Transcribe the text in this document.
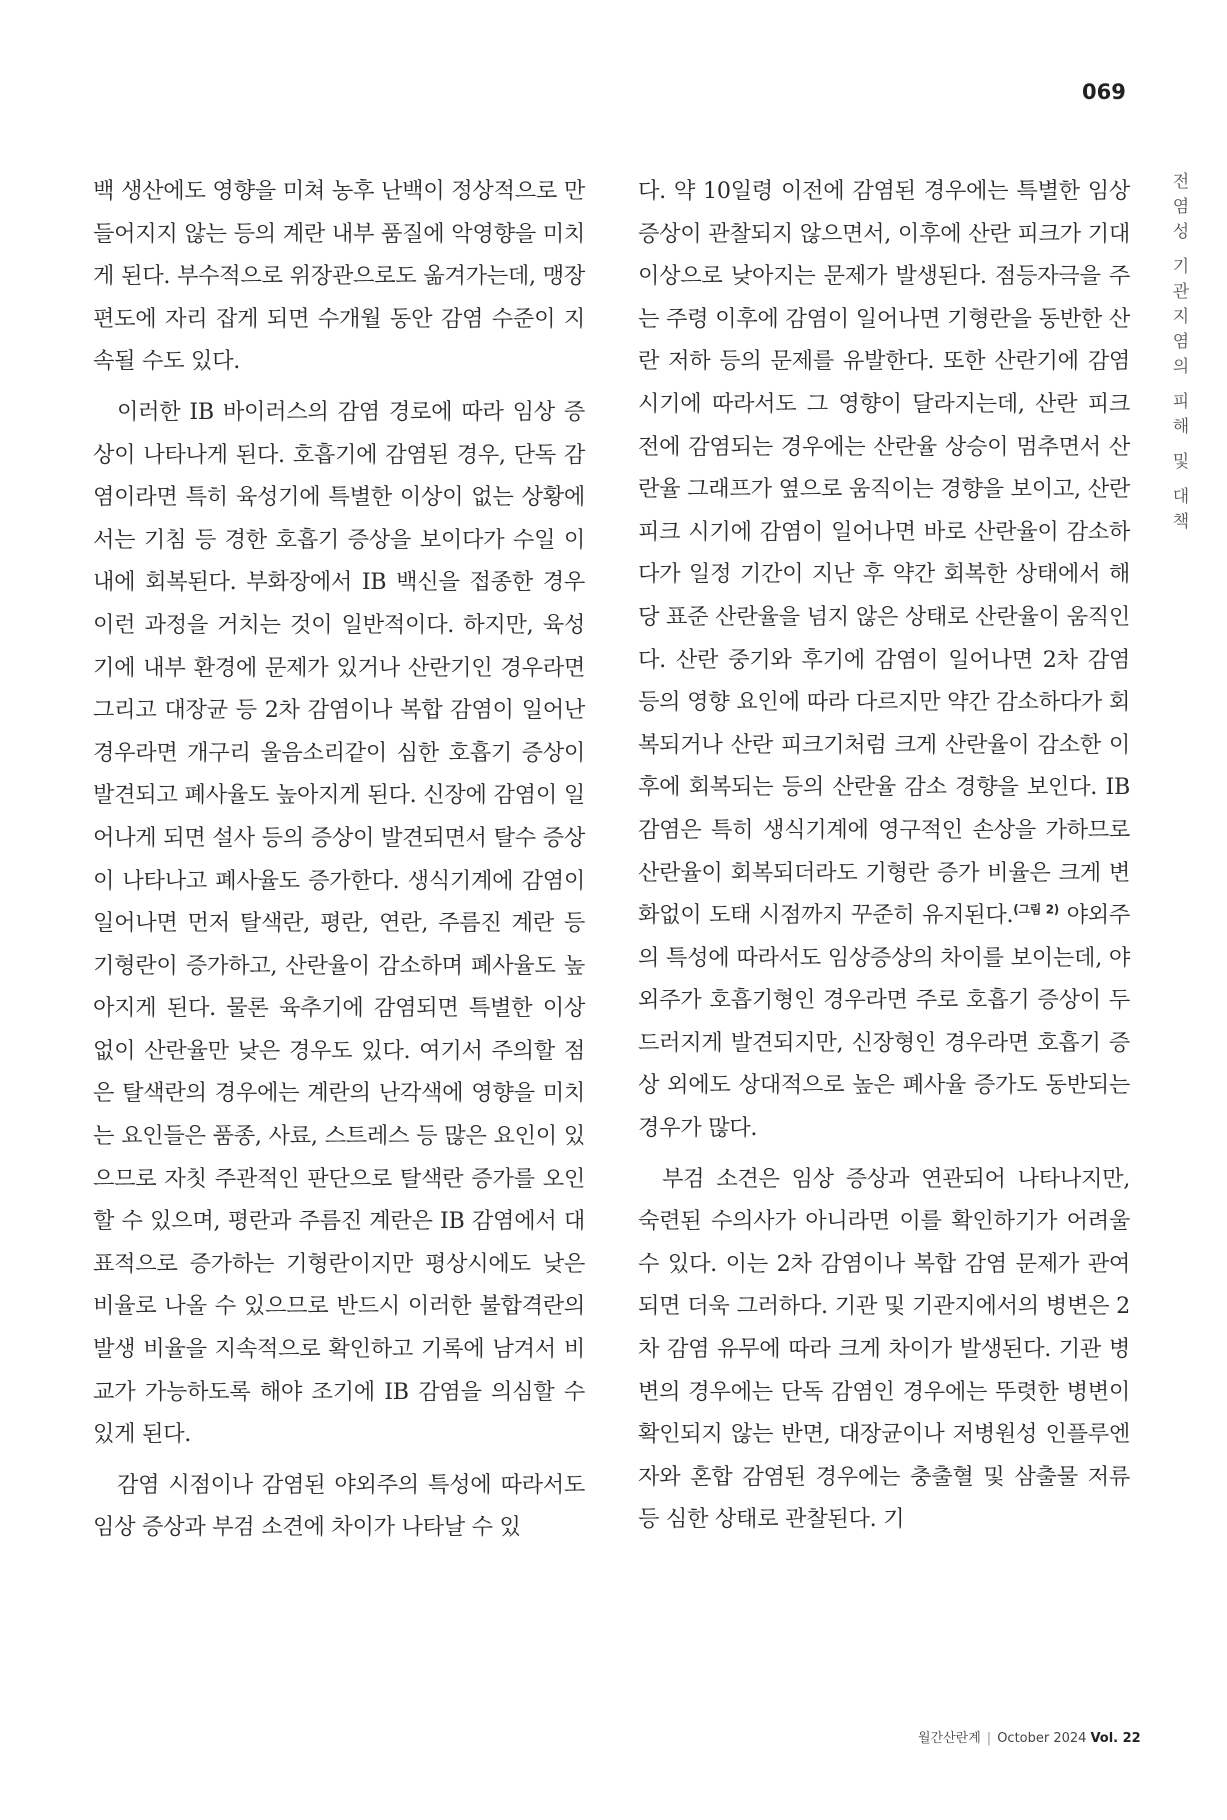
069

백 생산에도 영향을 미쳐 농후 난백이 정상적으로 만들어지지 않는 등의 계란 내부 품질에 악영향을 미치게 된다. 부수적으로 위장관으로도 옮겨가는데, 맹장 편도에 자리 잡게 되면 수개월 동안 감염 수준이 지속될 수도 있다.

이러한 IB 바이러스의 감염 경로에 따라 임상 증상이 나타나게 된다. 호흡기에 감염된 경우, 단독 감염이라면 특히 육성기에 특별한 이상이 없는 상황에서는 기침 등 경한 호흡기 증상을 보이다가 수일 이내에 회복된다. 부화장에서 IB 백신을 접종한 경우 이런 과정을 거치는 것이 일반적이다. 하지만, 육성기에 내부 환경에 문제가 있거나 산란기인 경우라면 그리고 대장균 등 2차 감염이나 복합 감염이 일어난 경우라면 개구리 울음소리같이 심한 호흡기 증상이 발견되고 폐사율도 높아지게 된다. 신장에 감염이 일어나게 되면 설사 등의 증상이 발견되면서 탈수 증상이 나타나고 폐사율도 증가한다. 생식기계에 감염이 일어나면 먼저 탈색란, 평란, 연란, 주름진 계란 등 기형란이 증가하고, 산란율이 감소하며 폐사율도 높아지게 된다. 물론 육추기에 감염되면 특별한 이상 없이 산란율만 낮은 경우도 있다. 여기서 주의할 점은 탈색란의 경우에는 계란의 난각색에 영향을 미치는 요인들은 품종, 사료, 스트레스 등 많은 요인이 있으므로 자칫 주관적인 판단으로 탈색란 증가를 오인할 수 있으며, 평란과 주름진 계란은 IB 감염에서 대표적으로 증가하는 기형란이지만 평상시에도 낮은 비율로 나올 수 있으므로 반드시 이러한 불합격란의 발생 비율을 지속적으로 확인하고 기록에 남겨서 비교가 가능하도록 해야 조기에 IB 감염을 의심할 수 있게 된다.

감염 시점이나 감염된 야외주의 특성에 따라서도 임상 증상과 부검 소견에 차이가 나타날 수 있

다. 약 10일령 이전에 감염된 경우에는 특별한 임상 증상이 관찰되지 않으면서, 이후에 산란 피크가 기대 이상으로 낮아지는 문제가 발생된다. 점등자극을 주는 주령 이후에 감염이 일어나면 기형란을 동반한 산란 저하 등의 문제를 유발한다. 또한 산란기에 감염 시기에 따라서도 그 영향이 달라지는데, 산란 피크 전에 감염되는 경우에는 산란율 상승이 멈추면서 산란율 그래프가 옆으로 움직이는 경향을 보이고, 산란 피크 시기에 감염이 일어나면 바로 산란율이 감소하다가 일정 기간이 지난 후 약간 회복한 상태에서 해당 표준 산란율을 넘지 않은 상태로 산란율이 움직인다. 산란 중기와 후기에 감염이 일어나면 2차 감염 등의 영향 요인에 따라 다르지만 약간 감소하다가 회복되거나 산란 피크기처럼 크게 산란율이 감소한 이후에 회복되는 등의 산란율 감소 경향을 보인다. IB 감염은 특히 생식기계에 영구적인 손상을 가하므로 산란율이 회복되더라도 기형란 증가 비율은 크게 변화없이 도태 시점까지 꾸준히 유지된다.$^{(그림 2)}$ 야외주의 특성에 따라서도 임상증상의 차이를 보이는데, 야외주가 호흡기형인 경우라면 주로 호흡기 증상이 두드러지게 발견되지만, 신장형인 경우라면 호흡기 증상 외에도 상대적으로 높은 폐사율 증가도 동반되는 경우가 많다.

부검 소견은 임상 증상과 연관되어 나타나지만, 숙련된 수의사가 아니라면 이를 확인하기가 어려울 수 있다. 이는 2차 감염이나 복합 감염 문제가 관여되면 더욱 그러하다. 기관 및 기관지에서의 병변은 2차 감염 유무에 따라 크게 차이가 발생된다. 기관 병변의 경우에는 단독 감염인 경우에는 뚜렷한 병변이 확인되지 않는 반면, 대장균이나 저병원성 인플루엔자와 혼합 감염된 경우에는 충출혈 및 삼출물 저류 등 심한 상태로 관찰된다. 기

전
염
성
기
관
지
염
의
피
해
및
대
책
월간산란계 | October 2024 Vol. 22
